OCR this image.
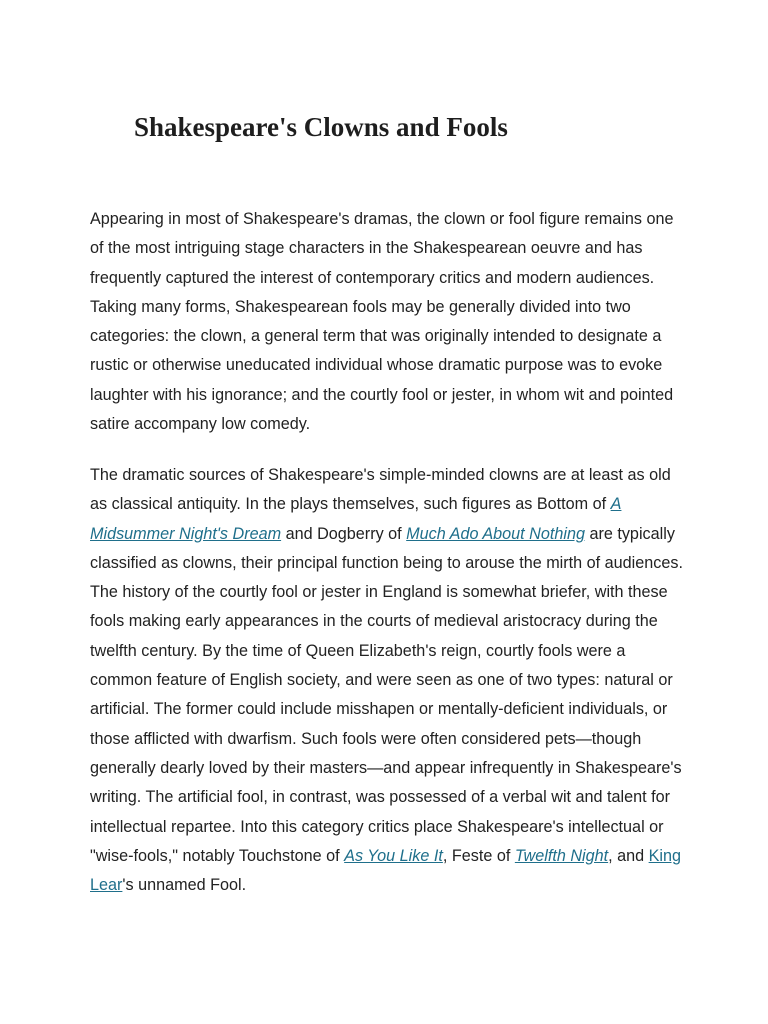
Shakespeare's Clowns and Fools

Appearing in most of Shakespeare's dramas, the clown or fool figure remains one of the most intriguing stage characters in the Shakespearean oeuvre and has frequently captured the interest of contemporary critics and modern audiences. Taking many forms, Shakespearean fools may be generally divided into two categories: the clown, a general term that was originally intended to designate a rustic or otherwise uneducated individual whose dramatic purpose was to evoke laughter with his ignorance; and the courtly fool or jester, in whom wit and pointed satire accompany low comedy.

The dramatic sources of Shakespeare's simple-minded clowns are at least as old as classical antiquity. In the plays themselves, such figures as Bottom of A Midsummer Night's Dream and Dogberry of Much Ado About Nothing are typically classified as clowns, their principal function being to arouse the mirth of audiences. The history of the courtly fool or jester in England is somewhat briefer, with these fools making early appearances in the courts of medieval aristocracy during the twelfth century. By the time of Queen Elizabeth's reign, courtly fools were a common feature of English society, and were seen as one of two types: natural or artificial. The former could include misshapen or mentally-deficient individuals, or those afflicted with dwarfism. Such fools were often considered pets—though generally dearly loved by their masters—and appear infrequently in Shakespeare's writing. The artificial fool, in contrast, was possessed of a verbal wit and talent for intellectual repartee. Into this category critics place Shakespeare's intellectual or "wise-fools," notably Touchstone of As You Like It, Feste of Twelfth Night, and King Lear's unnamed Fool.
